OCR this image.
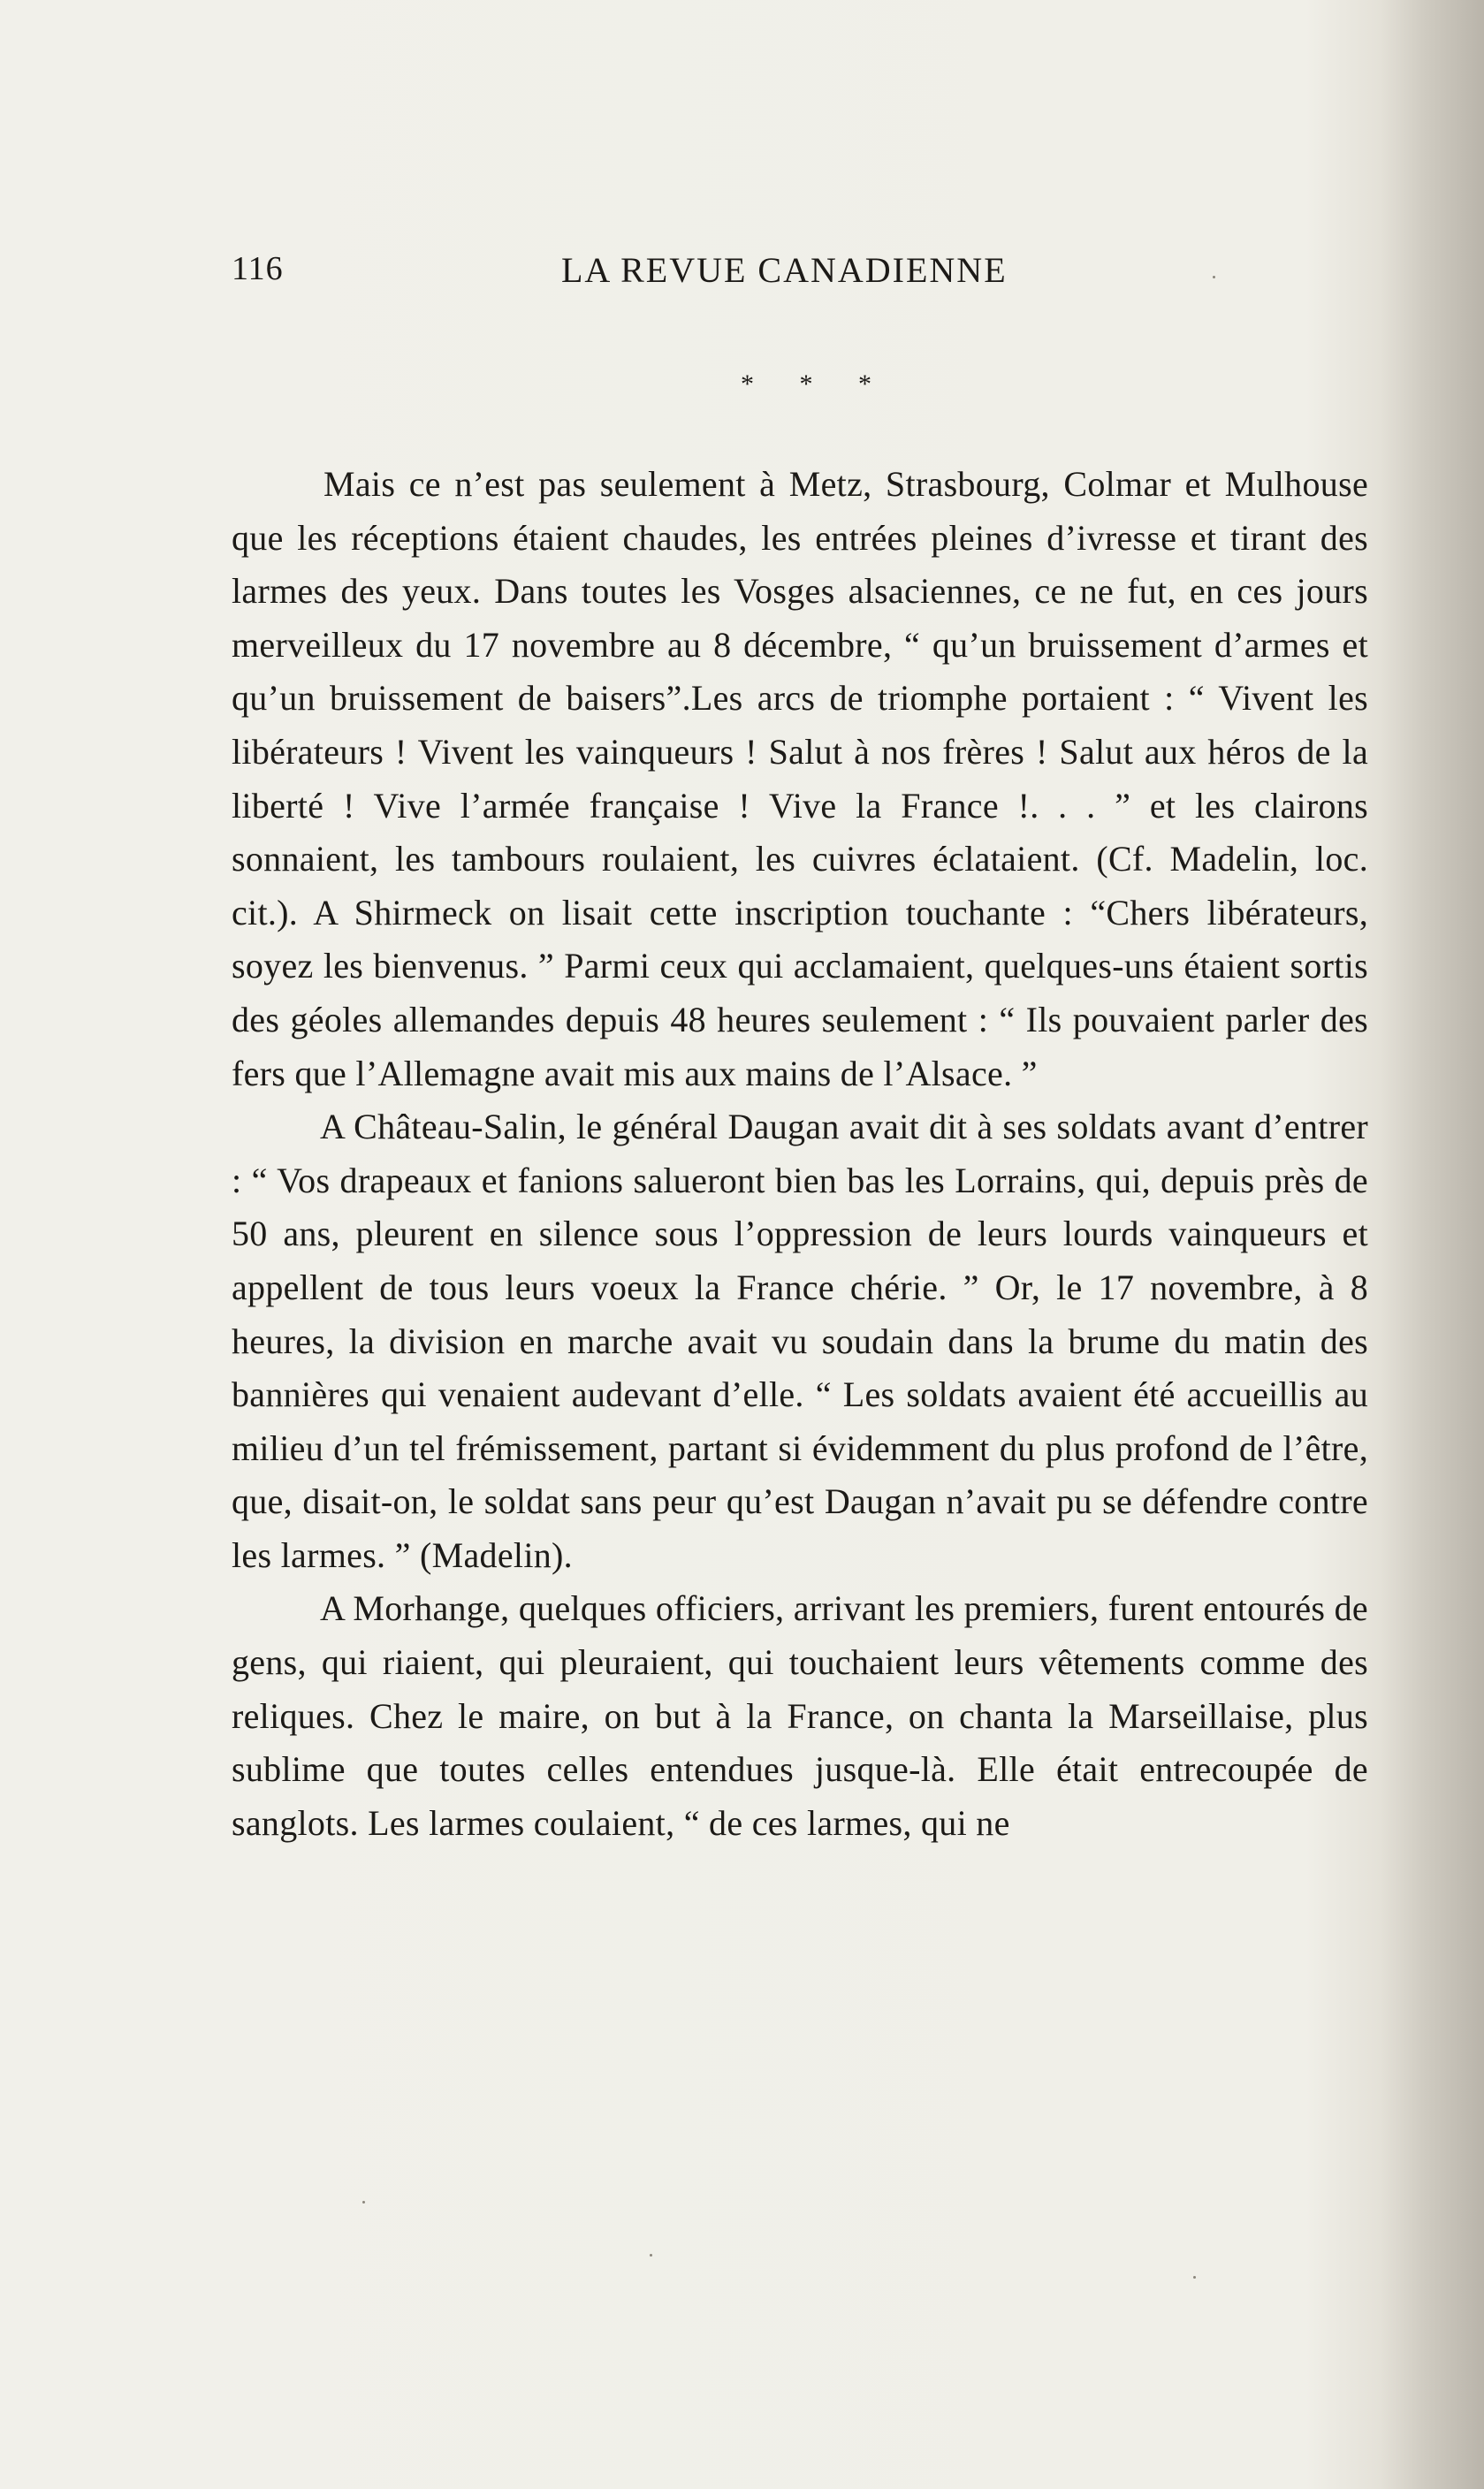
116	LA REVUE CANADIENNE
* * *

Mais ce n’est pas seulement à Metz, Strasbourg, Colmar et Mulhouse que les réceptions étaient chaudes, les entrées pleines d’ivresse et tirant des larmes des yeux. Dans toutes les Vosges alsaciennes, ce ne fut, en ces jours merveilleux du 17 novembre au 8 décembre, “ qu’un bruissement d’armes et qu’un bruissement de baisers”.Les arcs de triomphe portaient : “ Vivent les libérateurs ! Vivent les vainqueurs ! Salut à nos frères ! Salut aux héros de la liberté ! Vive l’armée française ! Vive la France !. . . ” et les clairons sonnaient, les tambours roulaient, les cuivres éclataient. (Cf. Madelin, loc. cit.). A Shirmeck on lisait cette inscription touchante : “Chers libérateurs, soyez les bienvenus. ” Parmi ceux qui acclamaient, quelques-uns étaient sortis des géoles allemandes depuis 48 heures seulement : “ Ils pouvaient parler des fers que l’Allemagne avait mis aux mains de l’Alsace. ”

A Château-Salin, le général Daugan avait dit à ses soldats avant d’entrer : “ Vos drapeaux et fanions salueront bien bas les Lorrains, qui, depuis près de 50 ans, pleurent en silence sous l’oppression de leurs lourds vainqueurs et appellent de tous leurs voeux la France chérie. ” Or, le 17 novembre, à 8 heures, la division en marche avait vu soudain dans la brume du matin des bannières qui venaient audevant d’elle. “ Les soldats avaient été accueillis au milieu d’un tel frémissement, partant si évidemment du plus profond de l’être, que, disait-on, le soldat sans peur qu’est Daugan n’avait pu se défendre contre les larmes. ” (Madelin).

A Morhange, quelques officiers, arrivant les premiers, furent entourés de gens, qui riaient, qui pleuraient, qui touchaient leurs vêtements comme des reliques. Chez le maire, on but à la France, on chanta la Marseillaise, plus sublime que toutes celles entendues jusque-là. Elle était entrecoupée de sanglots. Les larmes coulaient, “ de ces larmes, qui ne
